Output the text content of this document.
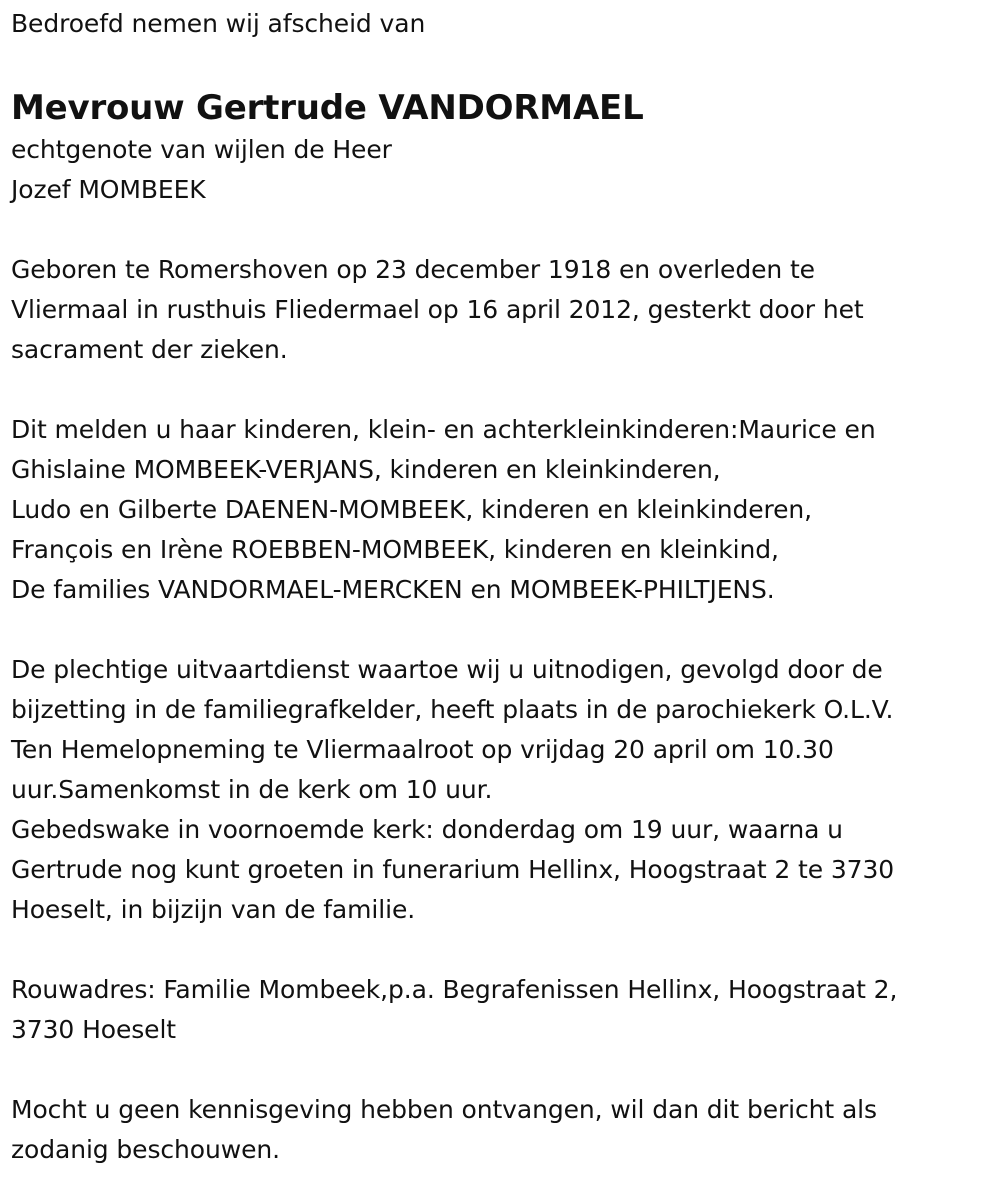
Bedroefd nemen wij afscheid van
Mevrouw Gertrude VANDORMAEL
echtgenote van wijlen de Heer
Jozef MOMBEEK
Geboren te Romershoven op 23 december 1918 en overleden te
Vliermaal in rusthuis Fliedermael op 16 april 2012, gesterkt door het
sacrament der zieken.
Dit melden u haar kinderen, klein- en achterkleinkinderen:Maurice en
Ghislaine MOMBEEK-VERJANS, kinderen en kleinkinderen,
Ludo en Gilberte DAENEN-MOMBEEK, kinderen en kleinkinderen,
François en Irène ROEBBEN-MOMBEEK, kinderen en kleinkind,
De families VANDORMAEL-MERCKEN en MOMBEEK-PHILTJENS.
De plechtige uitvaartdienst waartoe wij u uitnodigen, gevolgd door de
bijzetting in de familiegrafkelder, heeft plaats in de parochiekerk O.L.V.
Ten Hemelopneming te Vliermaalroot op vrijdag 20 april om 10.30
uur.Samenkomst in de kerk om 10 uur.
Gebedswake in voornoemde kerk: donderdag om 19 uur, waarna u
Gertrude nog kunt groeten in funerarium Hellinx, Hoogstraat 2 te 3730
Hoeselt, in bijzijn van de familie.
Rouwadres: Familie Mombeek,p.a. Begrafenissen Hellinx, Hoogstraat 2,
3730 Hoeselt
Mocht u geen kennisgeving hebben ontvangen, wil dan dit bericht als
zodanig beschouwen.
